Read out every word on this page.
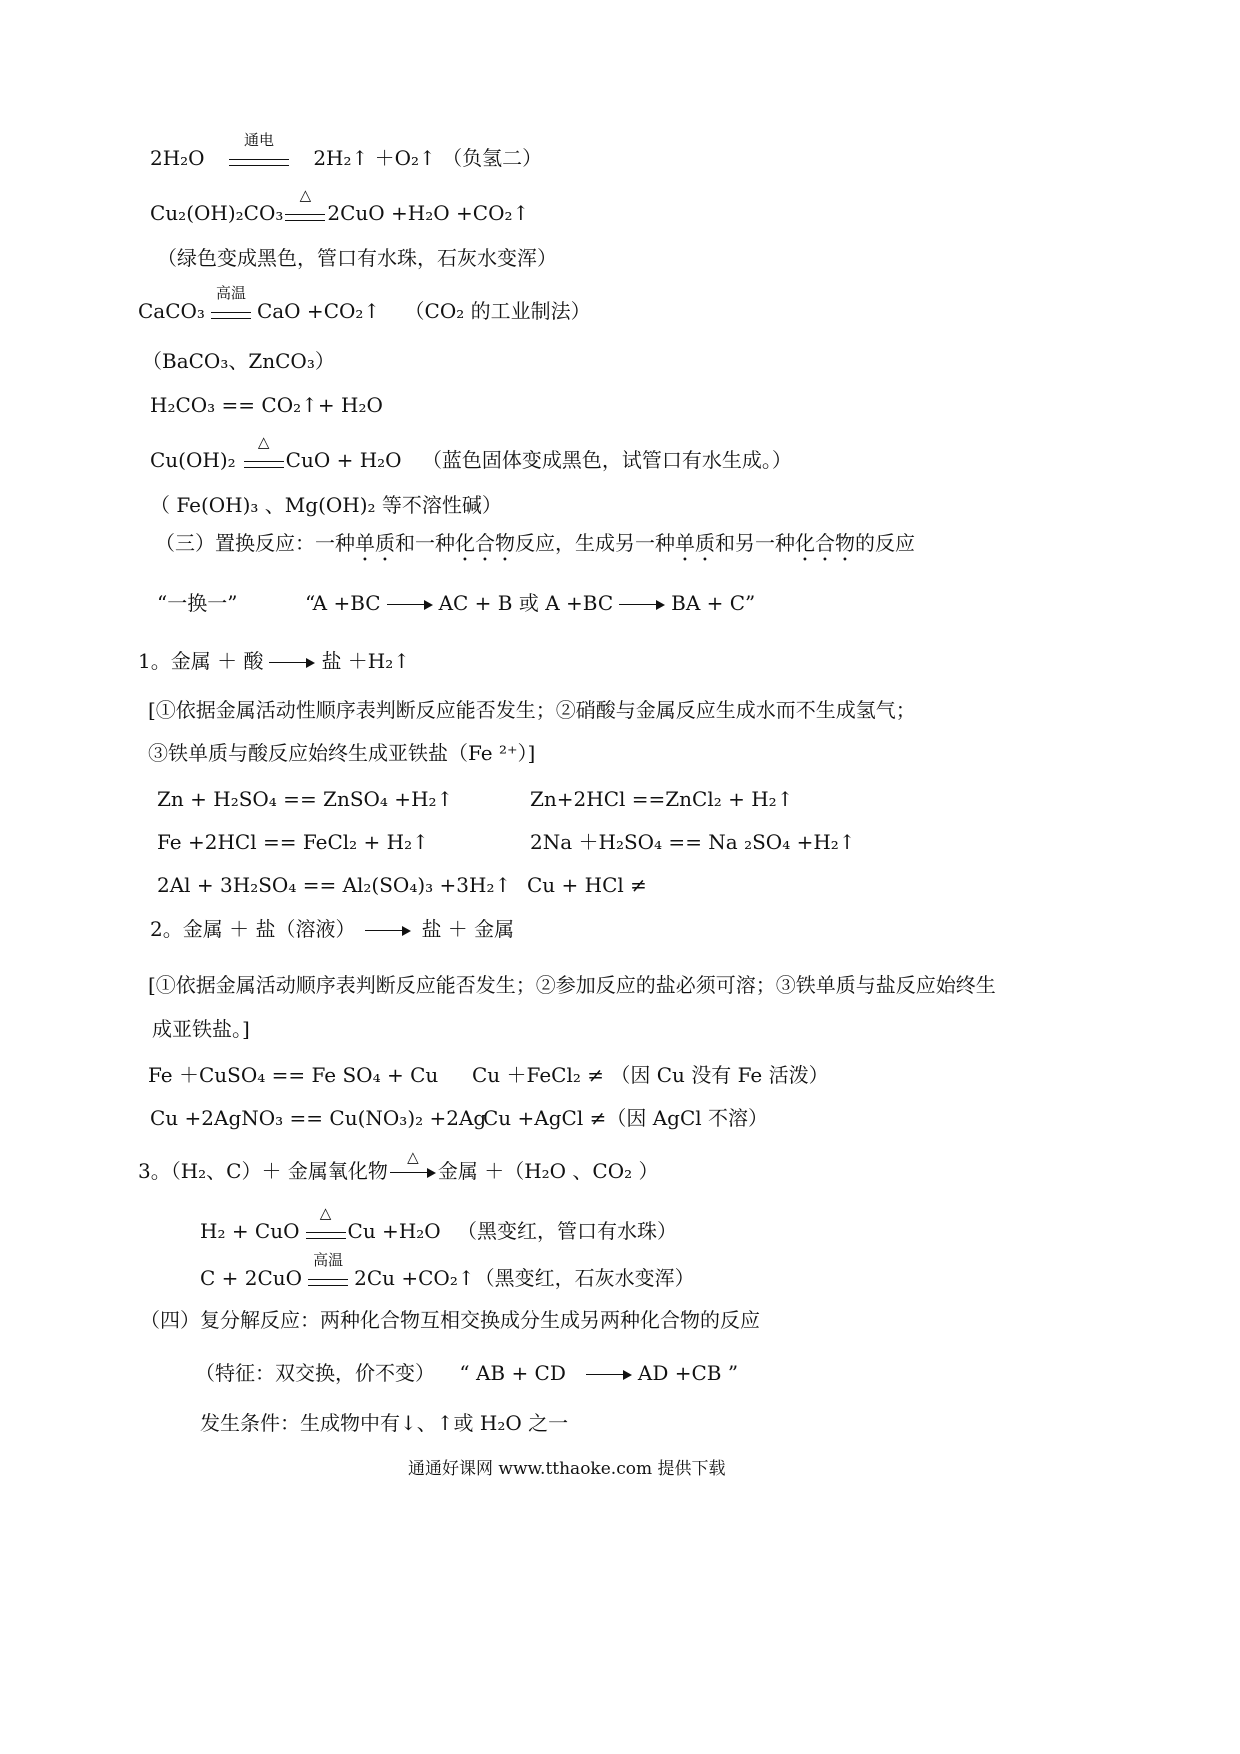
2H₂O
通电
2H₂↑ ＋O₂↑ （负氢二）
Cu₂(OH)₂CO₃
△
2CuO +H₂O +CO₂↑
（绿色变成黑色，管口有水珠，石灰水变浑）
CaCO₃
高温
CaO +CO₂↑ （CO₂ 的工业制法）
（BaCO₃、ZnCO₃）
H₂CO₃ == CO₂↑+ H₂O
Cu(OH)₂
△
CuO + H₂O （蓝色固体变成黑色，试管口有水生成。）
（ Fe(OH)₃ 、Mg(OH)₂ 等不溶性碱）
（三）置换反应：一种单质和一种化合物反应，生成另一种单质和另一种化合物的反应
“一换一”	“A +BC	AC + B 或 A +BC	BA + C”
1。金属 ＋ 酸	盐 ＋H₂↑
[①依据金属活动性顺序表判断反应能否发生；②硝酸与金属反应生成水而不生成氢气；
③铁单质与酸反应始终生成亚铁盐（Fe ²⁺）]
Zn + H₂SO₄ == ZnSO₄ +H₂↑	Zn+2HCl ==ZnCl₂ + H₂↑
Fe +2HCl == FeCl₂ + H₂↑	2Na ＋H₂SO₄ == Na ₂SO₄ +H₂↑
2Al + 3H₂SO₄ == Al₂(SO₄)₃ +3H₂↑ Cu + HCl ≠
2。金属 ＋ 盐（溶液）	盐 ＋ 金属
[①依据金属活动顺序表判断反应能否发生；②参加反应的盐必须可溶；③铁单质与盐反应始终生
成亚铁盐。]
Fe ＋CuSO₄ == Fe SO₄ + Cu Cu ＋FeCl₂ ≠ （因 Cu 没有 Fe 活泼）
Cu +2AgNO₃ == Cu(NO₃)₂ +2Ag
Cu +AgCl ≠（因 AgCl 不溶）
3。（H₂、C）＋ 金属氧化物
△
金属 ＋（H₂O 、CO₂ ）
H₂ + CuO
△
Cu +H₂O （黑变红，管口有水珠）
C + 2CuO
高温
2Cu +CO₂↑（黑变红，石灰水变浑）
（四）复分解反应：两种化合物互相交换成分生成另两种化合物的反应
（特征：双交换，价不变） “ AB + CD	AD +CB ”
发生条件：生成物中有↓、↑或 H₂O 之一
通通好课网 www.tthaoke.com 提供下载
